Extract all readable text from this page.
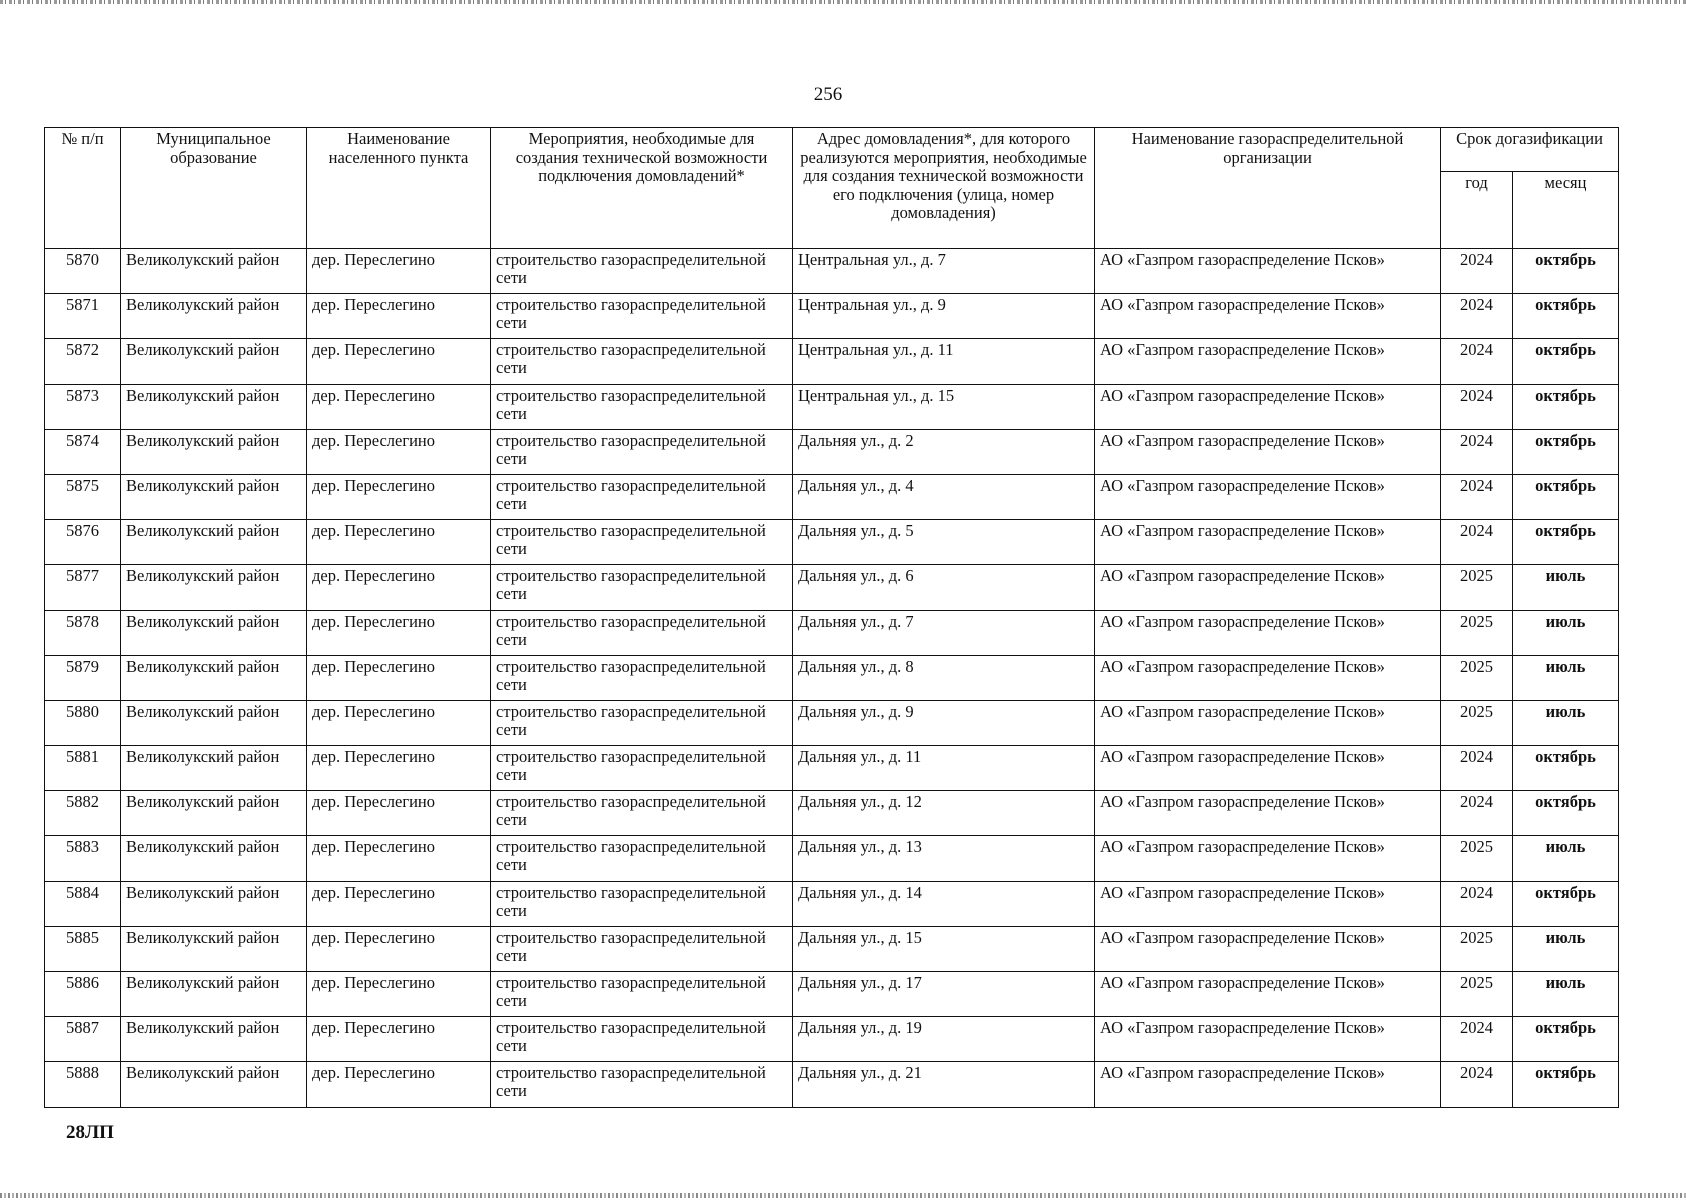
256
№ п/п	Муниципальное образование	Наименование населенного пункта	Мероприятия, необходимые для создания технической возможности подключения домовладений*	Адрес домовладения*, для которого реализуются мероприятия, необходимые для создания технической возможности его подключения (улица, номер домовладения)	Наименование газораспределительной организации	Срок догазификации	
						год	месяц
5870	Великолукский район	дер. Переслегино	строительство газораспределительной сети	Центральная ул., д. 7	АО «Газпром газораспределение Псков»	2024	октябрь
5871	Великолукский район	дер. Переслегино	строительство газораспределительной сети	Центральная ул., д. 9	АО «Газпром газораспределение Псков»	2024	октябрь
5872	Великолукский район	дер. Переслегино	строительство газораспределительной сети	Центральная ул., д. 11	АО «Газпром газораспределение Псков»	2024	октябрь
5873	Великолукский район	дер. Переслегино	строительство газораспределительной сети	Центральная ул., д. 15	АО «Газпром газораспределение Псков»	2024	октябрь
5874	Великолукский район	дер. Переслегино	строительство газораспределительной сети	Дальняя ул., д. 2	АО «Газпром газораспределение Псков»	2024	октябрь
5875	Великолукский район	дер. Переслегино	строительство газораспределительной сети	Дальняя ул., д. 4	АО «Газпром газораспределение Псков»	2024	октябрь
5876	Великолукский район	дер. Переслегино	строительство газораспределительной сети	Дальняя ул., д. 5	АО «Газпром газораспределение Псков»	2024	октябрь
5877	Великолукский район	дер. Переслегино	строительство газораспределительной сети	Дальняя ул., д. 6	АО «Газпром газораспределение Псков»	2025	июль
5878	Великолукский район	дер. Переслегино	строительство газораспределительной сети	Дальняя ул., д. 7	АО «Газпром газораспределение Псков»	2025	июль
5879	Великолукский район	дер. Переслегино	строительство газораспределительной сети	Дальняя ул., д. 8	АО «Газпром газораспределение Псков»	2025	июль
5880	Великолукский район	дер. Переслегино	строительство газораспределительной сети	Дальняя ул., д. 9	АО «Газпром газораспределение Псков»	2025	июль
5881	Великолукский район	дер. Переслегино	строительство газораспределительной сети	Дальняя ул., д. 11	АО «Газпром газораспределение Псков»	2024	октябрь
5882	Великолукский район	дер. Переслегино	строительство газораспределительной сети	Дальняя ул., д. 12	АО «Газпром газораспределение Псков»	2024	октябрь
5883	Великолукский район	дер. Переслегино	строительство газораспределительной сети	Дальняя ул., д. 13	АО «Газпром газораспределение Псков»	2025	июль
5884	Великолукский район	дер. Переслегино	строительство газораспределительной сети	Дальняя ул., д. 14	АО «Газпром газораспределение Псков»	2024	октябрь
5885	Великолукский район	дер. Переслегино	строительство газораспределительной сети	Дальняя ул., д. 15	АО «Газпром газораспределение Псков»	2025	июль
5886	Великолукский район	дер. Переслегино	строительство газораспределительной сети	Дальняя ул., д. 17	АО «Газпром газораспределение Псков»	2025	июль
5887	Великолукский район	дер. Переслегино	строительство газораспределительной сети	Дальняя ул., д. 19	АО «Газпром газораспределение Псков»	2024	октябрь
5888	Великолукский район	дер. Переслегино	строительство газораспределительной сети	Дальняя ул., д. 21	АО «Газпром газораспределение Псков»	2024	октябрь
28ЛП
